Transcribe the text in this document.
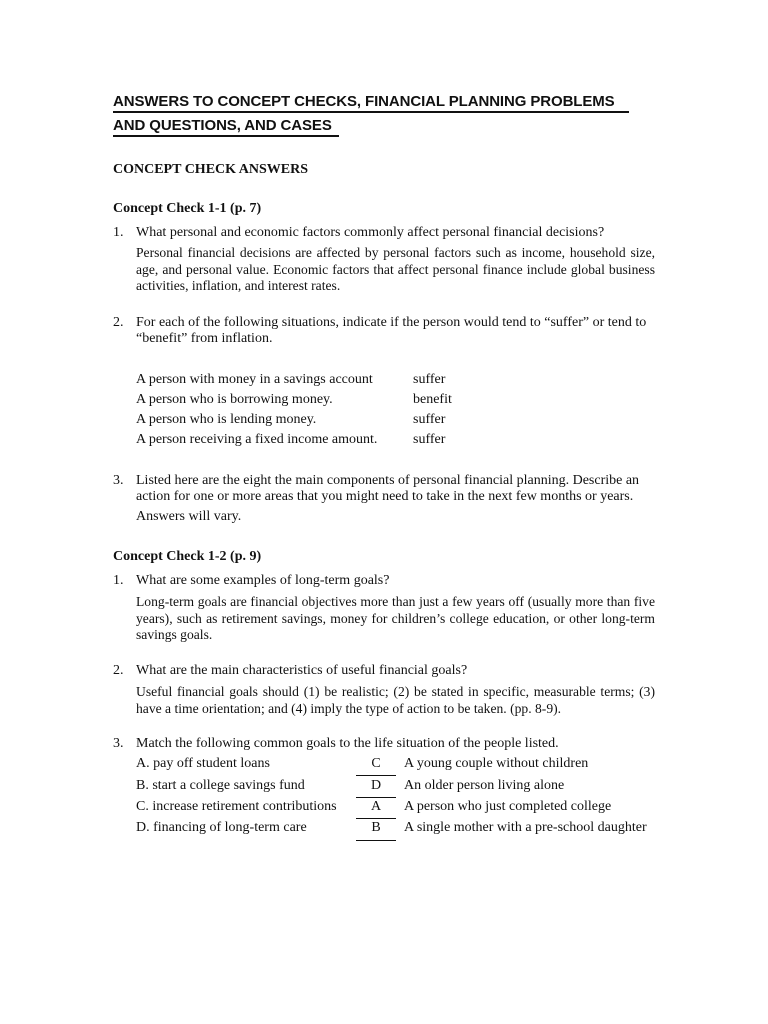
ANSWERS TO CONCEPT CHECKS, FINANCIAL PLANNING PROBLEMS
AND QUESTIONS, AND CASES
CONCEPT CHECK ANSWERS
Concept Check 1-1 (p. 7)
1. What personal and economic factors commonly affect personal financial decisions?
Personal financial decisions are affected by personal factors such as income, household size, age, and personal value. Economic factors that affect personal finance include global business activities, inflation, and interest rates.
2. For each of the following situations, indicate if the person would tend to “suffer” or tend to
“benefit” from inflation.
A person with money in a savings account	suffer
A person who is borrowing money.	benefit
A person who is lending money.	suffer
A person receiving a fixed income amount.	suffer
3. Listed here are the eight the main components of personal financial planning. Describe an
action for one or more areas that you might need to take in the next few months or years.
Answers will vary.
Concept Check 1-2 (p. 9)
1. What are some examples of long-term goals?
Long-term goals are financial objectives more than just a few years off (usually more than five years), such as retirement savings, money for children’s college education, or other long-term savings goals.
2. What are the main characteristics of useful financial goals?
Useful financial goals should (1) be realistic; (2) be stated in specific, measurable terms; (3) have a time orientation; and (4) imply the type of action to be taken. (pp. 8-9).
3. Match the following common goals to the life situation of the people listed.
A. pay off student loans	C	A young couple without children
B. start a college savings fund	D	An older person living alone
C. increase retirement contributions	A	A person who just completed college
D. financing of long-term care	B	A single mother with a pre-school daughter
